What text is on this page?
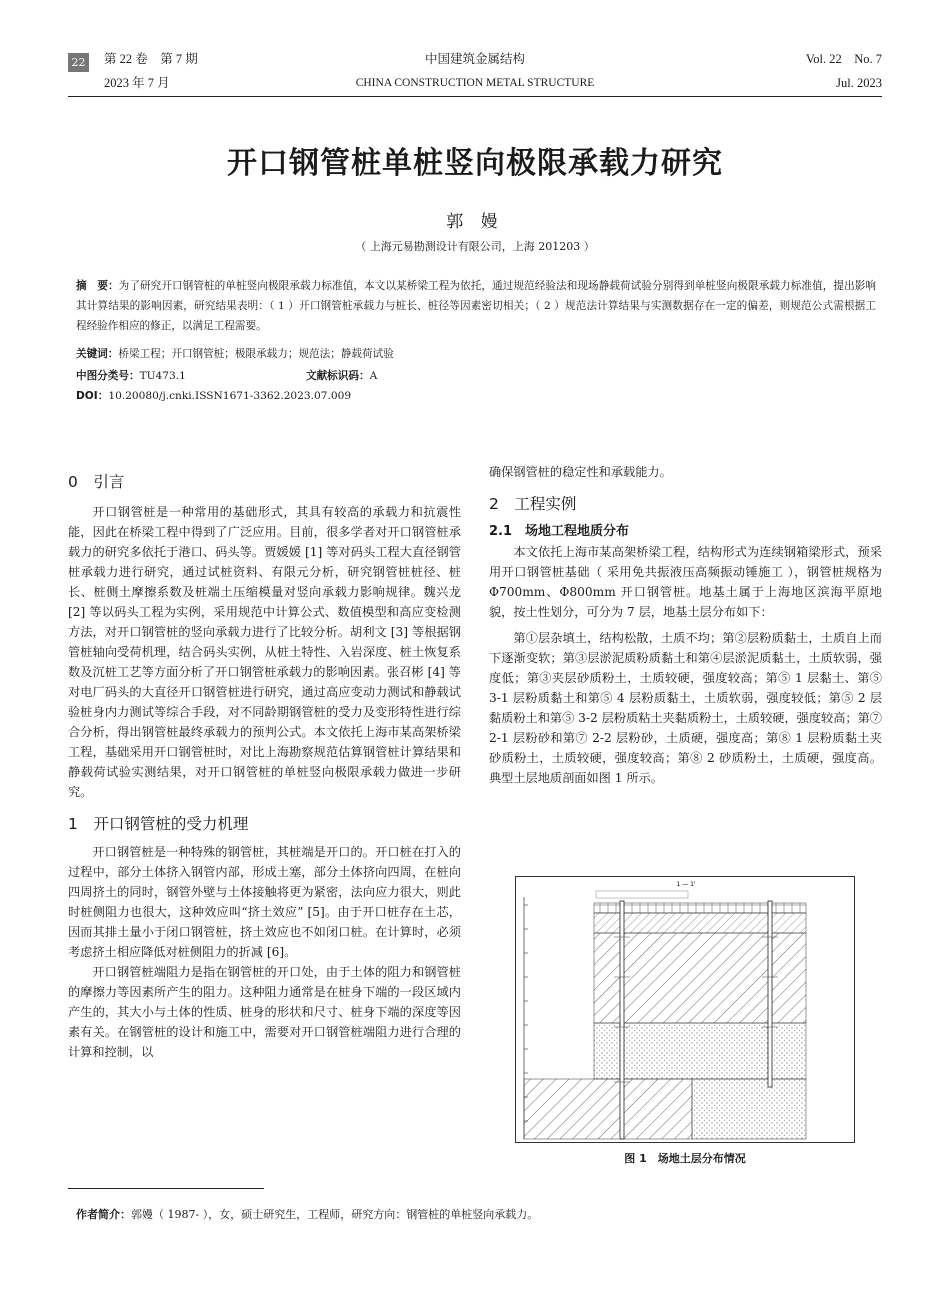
22 第 22 卷　第 7 期
2023 年 7 月
中国建筑金属结构
CHINA CONSTRUCTION METAL STRUCTURE
Vol. 22　No. 7
Jul. 2023
开口钢管桩单桩竖向极限承载力研究
郭 嫚
（ 上海元易勘测设计有限公司，上海 201203 ）
摘　要：为了研究开口钢管桩的单桩竖向极限承载力标准值，本文以某桥梁工程为依托，通过规范经验法和现场静载荷试验分别得到单桩竖向极限承载力标准值，提出影响其计算结果的影响因素，研究结果表明：（ 1 ）开口钢管桩承载力与桩长、桩径等因素密切相关；（ 2 ）规范法计算结果与实测数据存在一定的偏差，则规范公式需根据工程经验作相应的修正，以满足工程需要。
关键词：桥梁工程；开口钢管桩；极限承载力；规范法；静载荷试验
中图分类号：TU473.1	文献标识码：A
DOI：10.20080/j.cnki.ISSN1671-3362.2023.07.009
0　引言

开口钢管桩是一种常用的基础形式，其具有较高的承载力和抗震性能，因此在桥梁工程中得到了广泛应用。目前，很多学者对开口钢管桩承载力的研究多依托于港口、码头等。贾媛媛 [1] 等对码头工程大直径钢管桩承载力进行研究，通过试桩资料、有限元分析，研究钢管桩桩径、桩长、桩侧土摩擦系数及桩端土压缩模量对竖向承载力影响规律。魏兴龙 [2] 等以码头工程为实例，采用规范中计算公式、数值模型和高应变检测方法，对开口钢管桩的竖向承载力进行了比较分析。胡利文 [3] 等根据钢管桩轴向受荷机理，结合码头实例，从桩土特性、入岩深度、桩土恢复系数及沉桩工艺等方面分析了开口钢管桩承载力的影响因素。张召彬 [4] 等对电厂码头的大直径开口钢管桩进行研究，通过高应变动力测试和静载试验桩身内力测试等综合手段，对不同龄期钢管桩的受力及变形特性进行综合分析，得出钢管桩最终承载力的预判公式。本文依托上海市某高架桥梁工程，基础采用开口钢管桩时，对比上海勘察规范估算钢管桩计算结果和静载荷试验实测结果，对开口钢管桩的单桩竖向极限承载力做进一步研究。

1　开口钢管桩的受力机理

开口钢管桩是一种特殊的钢管桩，其桩端是开口的。开口桩在打入的过程中，部分土体挤入钢管内部，形成土塞，部分土体挤向四周，在桩向四周挤土的同时，钢管外壁与土体接触将更为紧密，法向应力很大，则此时桩侧阻力也很大，这种效应叫“挤土效应” [5]。由于开口桩存在土芯，因而其排土量小于闭口钢管桩，挤土效应也不如闭口桩。在计算时，必须考虑挤土相应降低对桩侧阻力的折减 [6]。

开口钢管桩端阻力是指在钢管桩的开口处，由于土体的阻力和钢管桩的摩擦力等因素所产生的阻力。这种阻力通常是在桩身下端的一段区域内产生的，其大小与土体的性质、桩身的形状和尺寸、桩身下端的深度等因素有关。在钢管桩的设计和施工中，需要对开口钢管桩端阻力进行合理的计算和控制，以

确保钢管桩的稳定性和承载能力。

2　工程实例
2.1　场地工程地质分布

本文依托上海市某高架桥梁工程，结构形式为连续钢箱梁形式，预采用开口钢管桩基础（ 采用免共振液压高频振动锤施工 ），钢管桩规格为 Φ700mm、Φ800mm 开口钢管桩。地基土属于上海地区滨海平原地貌，按土性划分，可分为 7 层，地基土层分布如下：

第①层杂填土，结构松散，土质不均；第②层粉质黏土，土质自上而下逐渐变软；第③层淤泥质粉质黏土和第④层淤泥质黏土，土质软弱，强度低；第③夹层砂质粉土，土质较硬，强度较高；第⑤ 1 层黏土、第⑤ 3-1 层粉质黏土和第⑤ 4 层粉质黏土，土质软弱，强度较低；第⑤ 2 层黏质粉土和第⑤ 3-2 层粉质粘土夹黏质粉土，土质较硬，强度较高；第⑦ 2-1 层粉砂和第⑦ 2-2 层粉砂，土质硬，强度高；第⑧ 1 层粉质黏土夹砂质粉土，土质较硬，强度较高；第⑧ 2 砂质粉土，土质硬，强度高。典型土层地质剖面如图 1 所示。

1 — 1'
图 1　场地土层分布情况
作者简介：郭嫚（ 1987- ），女，硕士研究生，工程师，研究方向：钢管桩的单桩竖向承载力。
